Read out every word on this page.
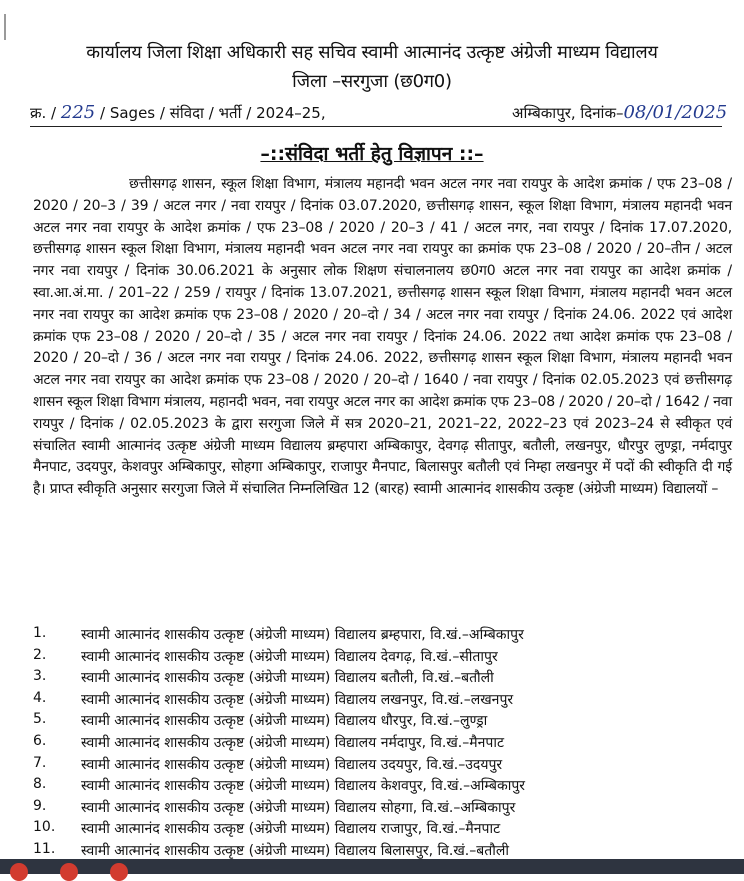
कार्यालय जिला शिक्षा अधिकारी सह सचिव स्वामी आत्मानंद उत्कृष्ट अंग्रेजी माध्यम विद्यालय
जिला –सरगुजा (छ0ग0)
क्र. / 225 / Sages / संविदा / भर्ती / 2024–25,	अम्बिकापुर, दिनांक–08/01/2025
–::संविदा भर्ती हेतु विज्ञापन ::–
छत्तीसगढ़ शासन, स्कूल शिक्षा विभाग, मंत्रालय महानदी भवन अटल नगर नवा रायपुर के आदेश क्रमांक / एफ 23–08 / 2020 / 20–3 / 39 / अटल नगर / नवा रायपुर / दिनांक 03.07.2020, छत्तीसगढ़ शासन, स्कूल शिक्षा विभाग, मंत्रालय महानदी भवन अटल नगर नवा रायपुर के आदेश क्रमांक / एफ 23–08 / 2020 / 20–3 / 41 / अटल नगर, नवा रायपुर / दिनांक 17.07.2020, छत्तीसगढ़ शासन स्कूल शिक्षा विभाग, मंत्रालय महानदी भवन अटल नगर नवा रायपुर का क्रमांक एफ 23–08 / 2020 / 20–तीन / अटल नगर नवा रायपुर / दिनांक 30.06.2021 के अनुसार लोक शिक्षण संचालनालय छ0ग0 अटल नगर नवा रायपुर का आदेश क्रमांक / स्वा.आ.अं.मा. / 201–22 / 259 / रायपुर / दिनांक 13.07.2021, छत्तीसगढ़ शासन स्कूल शिक्षा विभाग, मंत्रालय महानदी भवन अटल नगर नवा रायपुर का आदेश क्रमांक एफ 23–08 / 2020 / 20–दो / 34 / अटल नगर नवा रायपुर / दिनांक 24.06. 2022 एवं आदेश क्रमांक एफ 23–08 / 2020 / 20–दो / 35 / अटल नगर नवा रायपुर / दिनांक 24.06. 2022 तथा आदेश क्रमांक एफ 23–08 / 2020 / 20–दो / 36 / अटल नगर नवा रायपुर / दिनांक 24.06. 2022, छत्तीसगढ़ शासन स्कूल शिक्षा विभाग, मंत्रालय महानदी भवन अटल नगर नवा रायपुर का आदेश क्रमांक एफ 23–08 / 2020 / 20–दो / 1640 / नवा रायपुर / दिनांक 02.05.2023 एवं छत्तीसगढ़ शासन स्कूल शिक्षा विभाग मंत्रालय, महानदी भवन, नवा रायपुर अटल नगर का आदेश क्रमांक एफ 23–08 / 2020 / 20–दो / 1642 / नवा रायपुर / दिनांक / 02.05.2023 के द्वारा सरगुजा जिले में सत्र 2020–21, 2021–22, 2022–23 एवं 2023–24 से स्वीकृत एवं संचालित स्वामी आत्मानंद उत्कृष्ट अंग्रेजी माध्यम विद्यालय ब्रम्हपारा अम्बिकापुर, देवगढ़ सीतापुर, बतौली, लखनपुर, धौरपुर लुण्ड्रा, नर्मदापुर मैनपाट, उदयपुर, केशवपुर अम्बिकापुर, सोहगा अम्बिकापुर, राजापुर मैनपाट, बिलासपुर बतौली एवं निम्हा लखनपुर में पदों की स्वीकृति दी गई है। प्राप्त स्वीकृति अनुसार सरगुजा जिले में संचालित निम्नलिखित 12 (बारह) स्वामी आत्मानंद शासकीय उत्कृष्ट (अंग्रेजी माध्यम) विद्यालयों –
1. स्वामी आत्मानंद शासकीय उत्कृष्ट (अंग्रेजी माध्यम) विद्यालय ब्रम्हपारा, वि.खं.–अम्बिकापुर
2. स्वामी आत्मानंद शासकीय उत्कृष्ट (अंग्रेजी माध्यम) विद्यालय देवगढ़, वि.खं.–सीतापुर
3. स्वामी आत्मानंद शासकीय उत्कृष्ट (अंग्रेजी माध्यम) विद्यालय बतौली, वि.खं.–बतौली
4. स्वामी आत्मानंद शासकीय उत्कृष्ट (अंग्रेजी माध्यम) विद्यालय लखनपुर, वि.खं.–लखनपुर
5. स्वामी आत्मानंद शासकीय उत्कृष्ट (अंग्रेजी माध्यम) विद्यालय धौरपुर, वि.खं.–लुण्ड्रा
6. स्वामी आत्मानंद शासकीय उत्कृष्ट (अंग्रेजी माध्यम) विद्यालय नर्मदापुर, वि.खं.–मैनपाट
7. स्वामी आत्मानंद शासकीय उत्कृष्ट (अंग्रेजी माध्यम) विद्यालय उदयपुर, वि.खं.–उदयपुर
8. स्वामी आत्मानंद शासकीय उत्कृष्ट (अंग्रेजी माध्यम) विद्यालय केशवपुर, वि.खं.–अम्बिकापुर
9. स्वामी आत्मानंद शासकीय उत्कृष्ट (अंग्रेजी माध्यम) विद्यालय सोहगा, वि.खं.–अम्बिकापुर
10. स्वामी आत्मानंद शासकीय उत्कृष्ट (अंग्रेजी माध्यम) विद्यालय राजापुर, वि.खं.–मैनपाट
11. स्वामी आत्मानंद शासकीय उत्कृष्ट (अंग्रेजी माध्यम) विद्यालय बिलासपुर, वि.खं.–बतौली
